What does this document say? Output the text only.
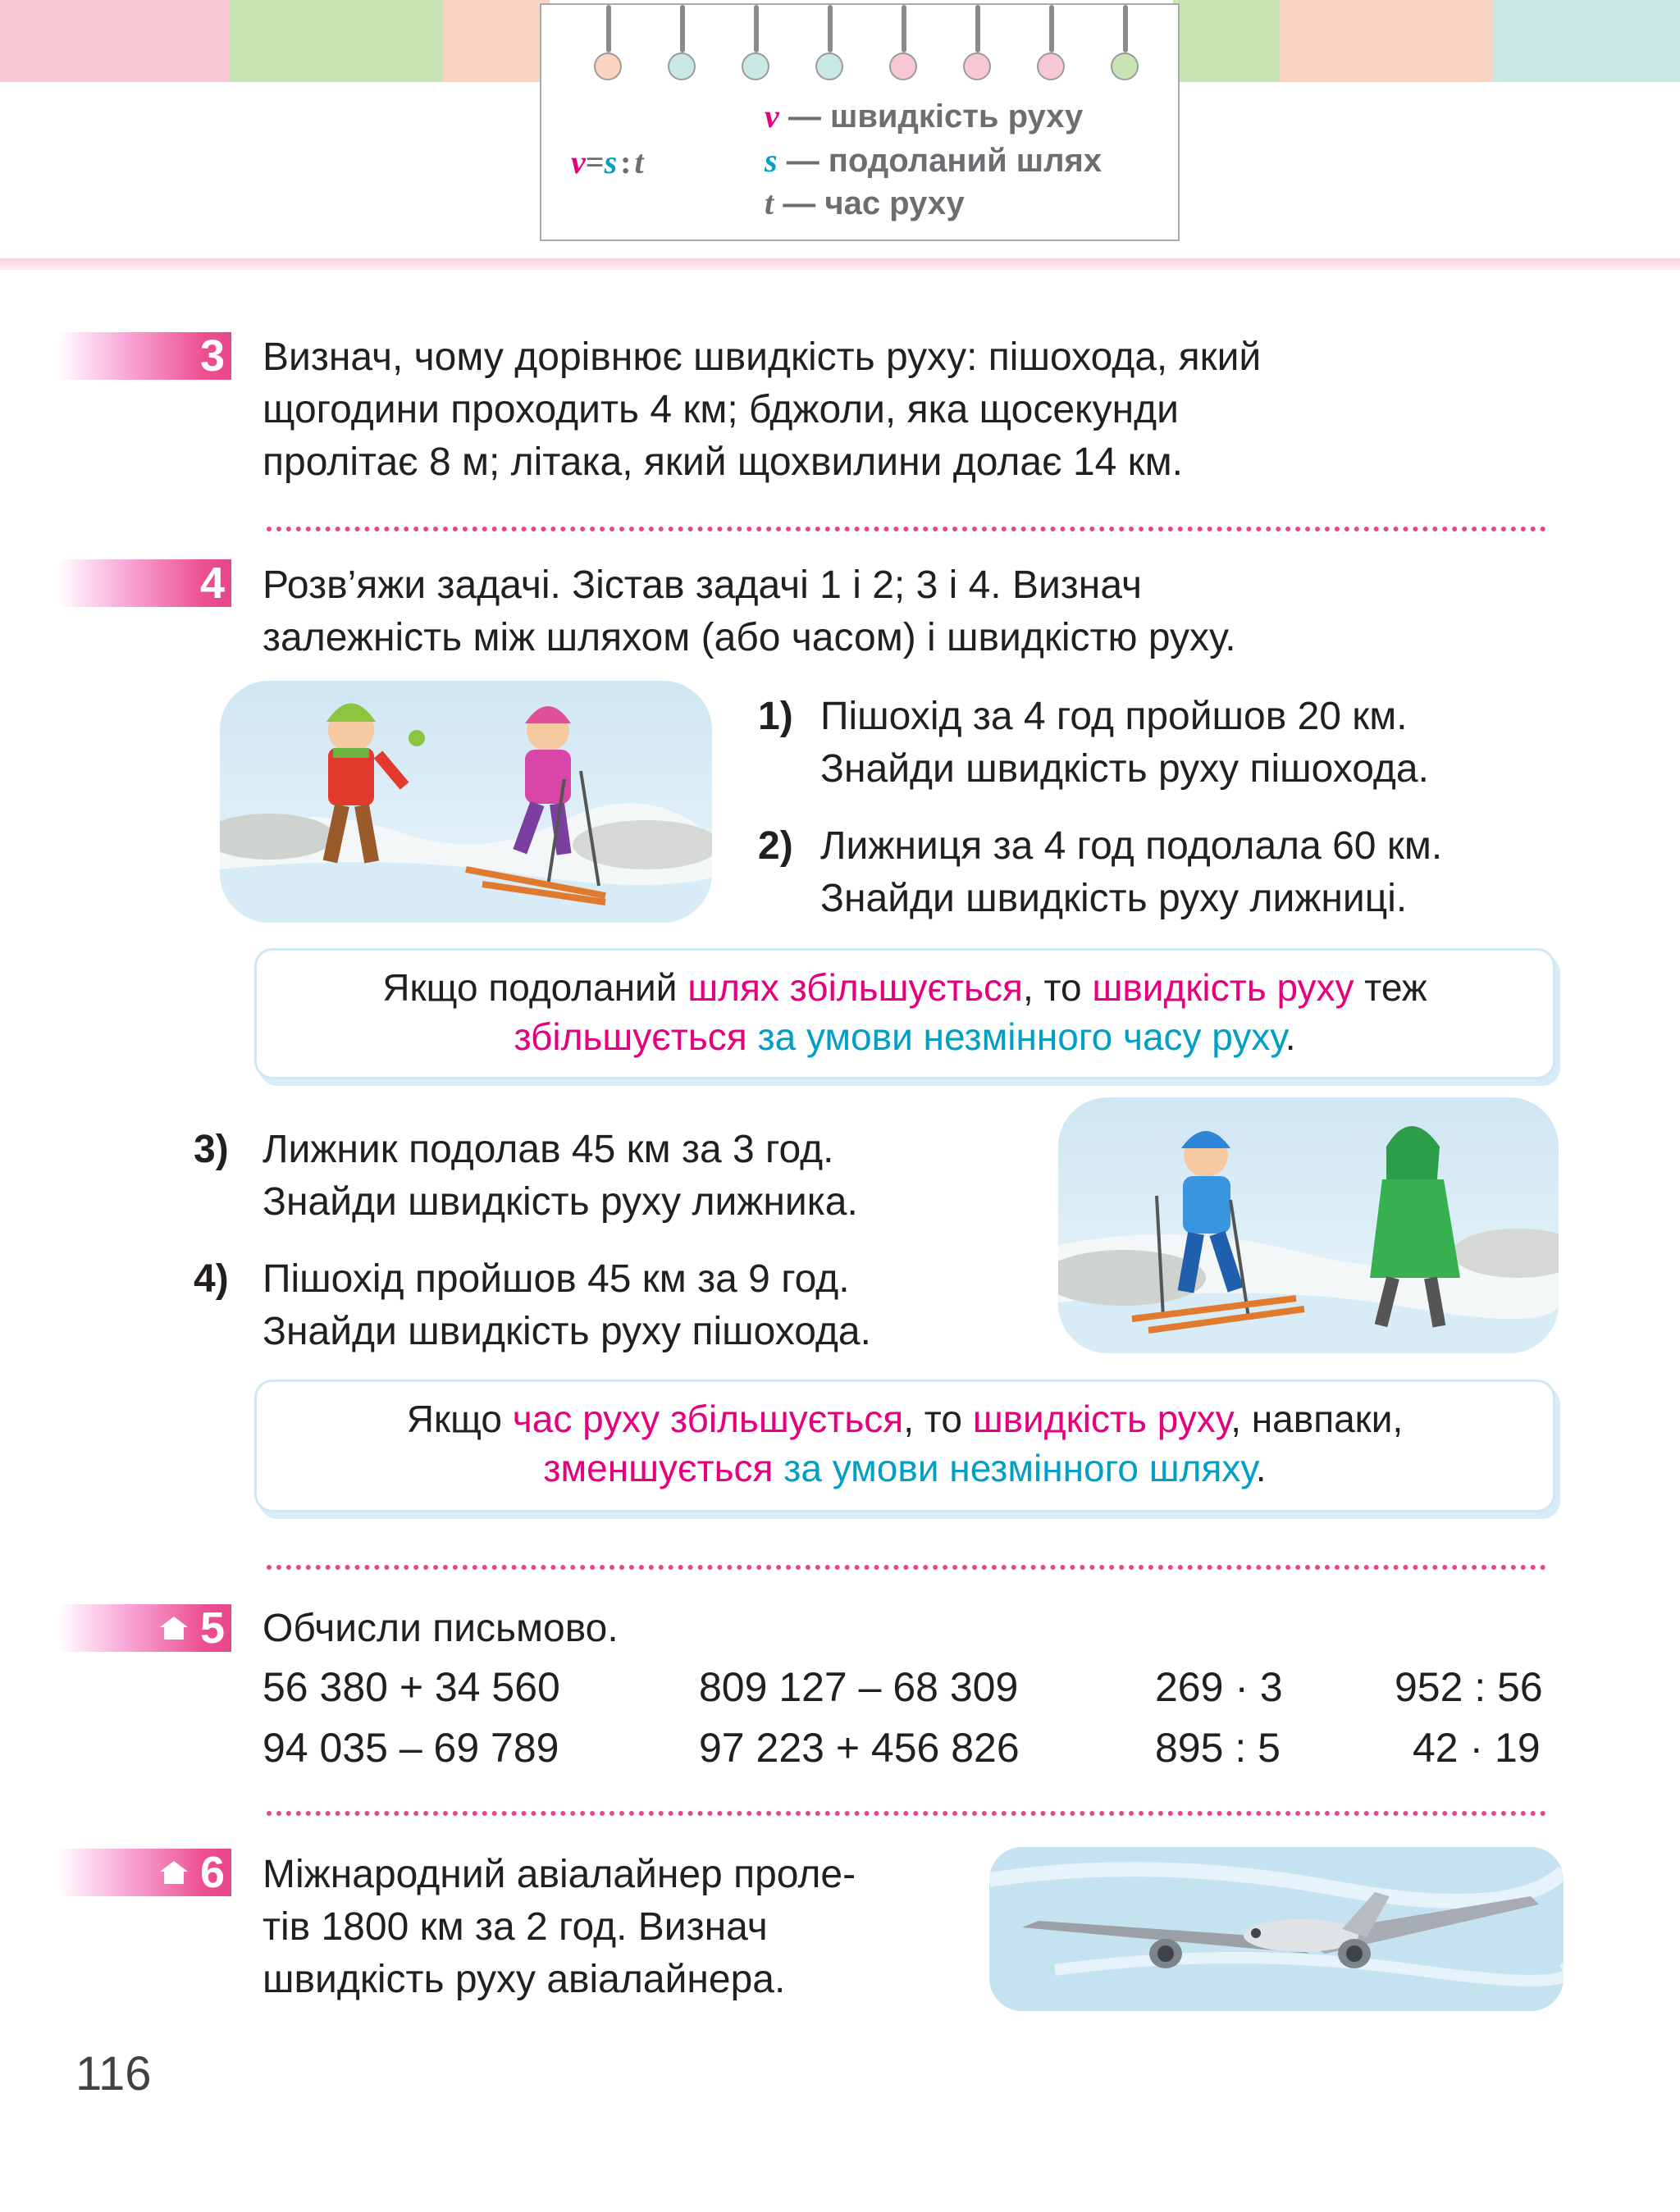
v=s : t
v — швидкість руху
s — подоланий шлях
t — час руху
3 Визнач, чому дорівнює швидкість руху: пішохода, який
щогодини проходить 4 км; бджоли, яка щосекунди
пролітає 8 м; літака, який щохвилини долає 14 км.
4 Розв’яжи задачі. Зістав задачі 1 і 2; 3 і 4. Визнач
залежність між шляхом (або часом) і швидкістю руху.
1) Пішохід за 4 год пройшов 20 км.
Знайди швидкість руху пішохода.
2) Лижниця за 4 год подолала 60 км.
Знайди швидкість руху лижниці.
Якщо подоланий шлях збільшується, то швидкість руху теж
збільшується за умови незмінного часу руху.
3) Лижник подолав 45 км за 3 год.
Знайди швидкість руху лижника.
4) Пішохід пройшов 45 км за 9 год.
Знайди швидкість руху пішохода.
Якщо час руху збільшується, то швидкість руху, навпаки,
зменшується за умови незмінного шляху.
5 Обчисли письмово.
56 380 + 34 560	809 127 – 68 309	269 · 3	952 : 56
94 035 – 69 789	97 223 + 456 826	895 : 5	42 · 19
6 Міжнародний авіалайнер проле-
тів 1800 км за 2 год. Визнач
швидкість руху авіалайнера.
116
